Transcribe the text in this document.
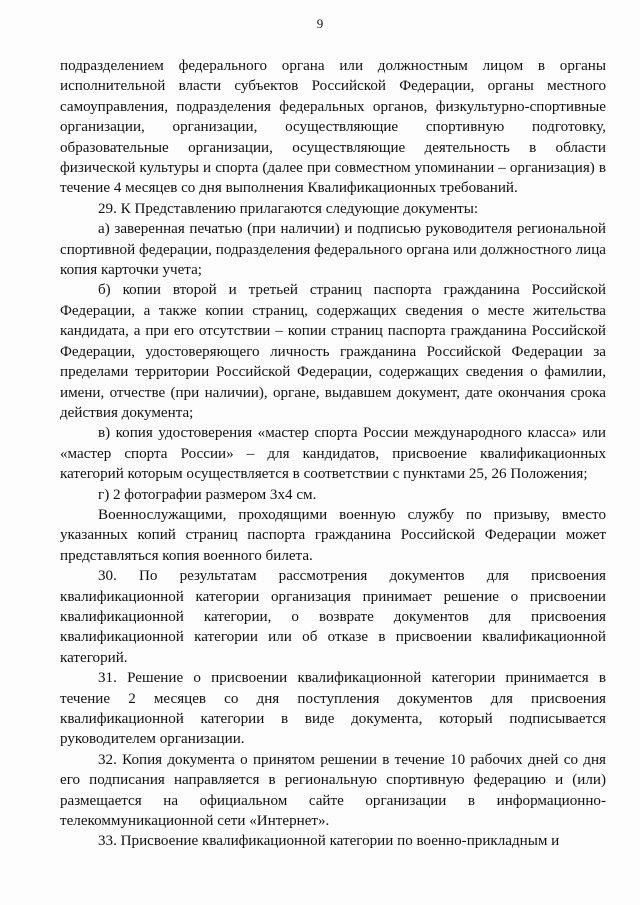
9

подразделением федерального органа или должностным лицом в органы исполнительной власти субъектов Российской Федерации, органы местного самоуправления, подразделения федеральных органов, физкультурно-спортивные организации, организации, осуществляющие спортивную подготовку, образовательные организации, осуществляющие деятельность в области физической культуры и спорта (далее при совместном упоминании – организация) в течение 4 месяцев со дня выполнения Квалификационных требований.

29. К Представлению прилагаются следующие документы:

а) заверенная печатью (при наличии) и подписью руководителя региональной спортивной федерации, подразделения федерального органа или должностного лица копия карточки учета;

б) копии второй и третьей страниц паспорта гражданина Российской Федерации, а также копии страниц, содержащих сведения о месте жительства кандидата, а при его отсутствии – копии страниц паспорта гражданина Российской Федерации, удостоверяющего личность гражданина Российской Федерации за пределами территории Российской Федерации, содержащих сведения о фамилии, имени, отчестве (при наличии), органе, выдавшем документ, дате окончания срока действия документа;

в) копия удостоверения «мастер спорта России международного класса» или «мастер спорта России» – для кандидатов, присвоение квалификационных категорий которым осуществляется в соответствии с пунктами 25, 26 Положения;

г) 2 фотографии размером 3х4 см.

Военнослужащими, проходящими военную службу по призыву, вместо указанных копий страниц паспорта гражданина Российской Федерации может представляться копия военного билета.

30. По результатам рассмотрения документов для присвоения квалификационной категории организация принимает решение о присвоении квалификационной категории, о возврате документов для присвоения квалификационной категории или об отказе в присвоении квалификационной категорий.

31. Решение о присвоении квалификационной категории принимается в течение 2 месяцев со дня поступления документов для присвоения квалификационной категории в виде документа, который подписывается руководителем организации.

32. Копия документа о принятом решении в течение 10 рабочих дней со дня его подписания направляется в региональную спортивную федерацию и (или) размещается на официальном сайте организации в информационно-телекоммуникационной сети «Интернет».

33. Присвоение квалификационной категории по военно-прикладным и
